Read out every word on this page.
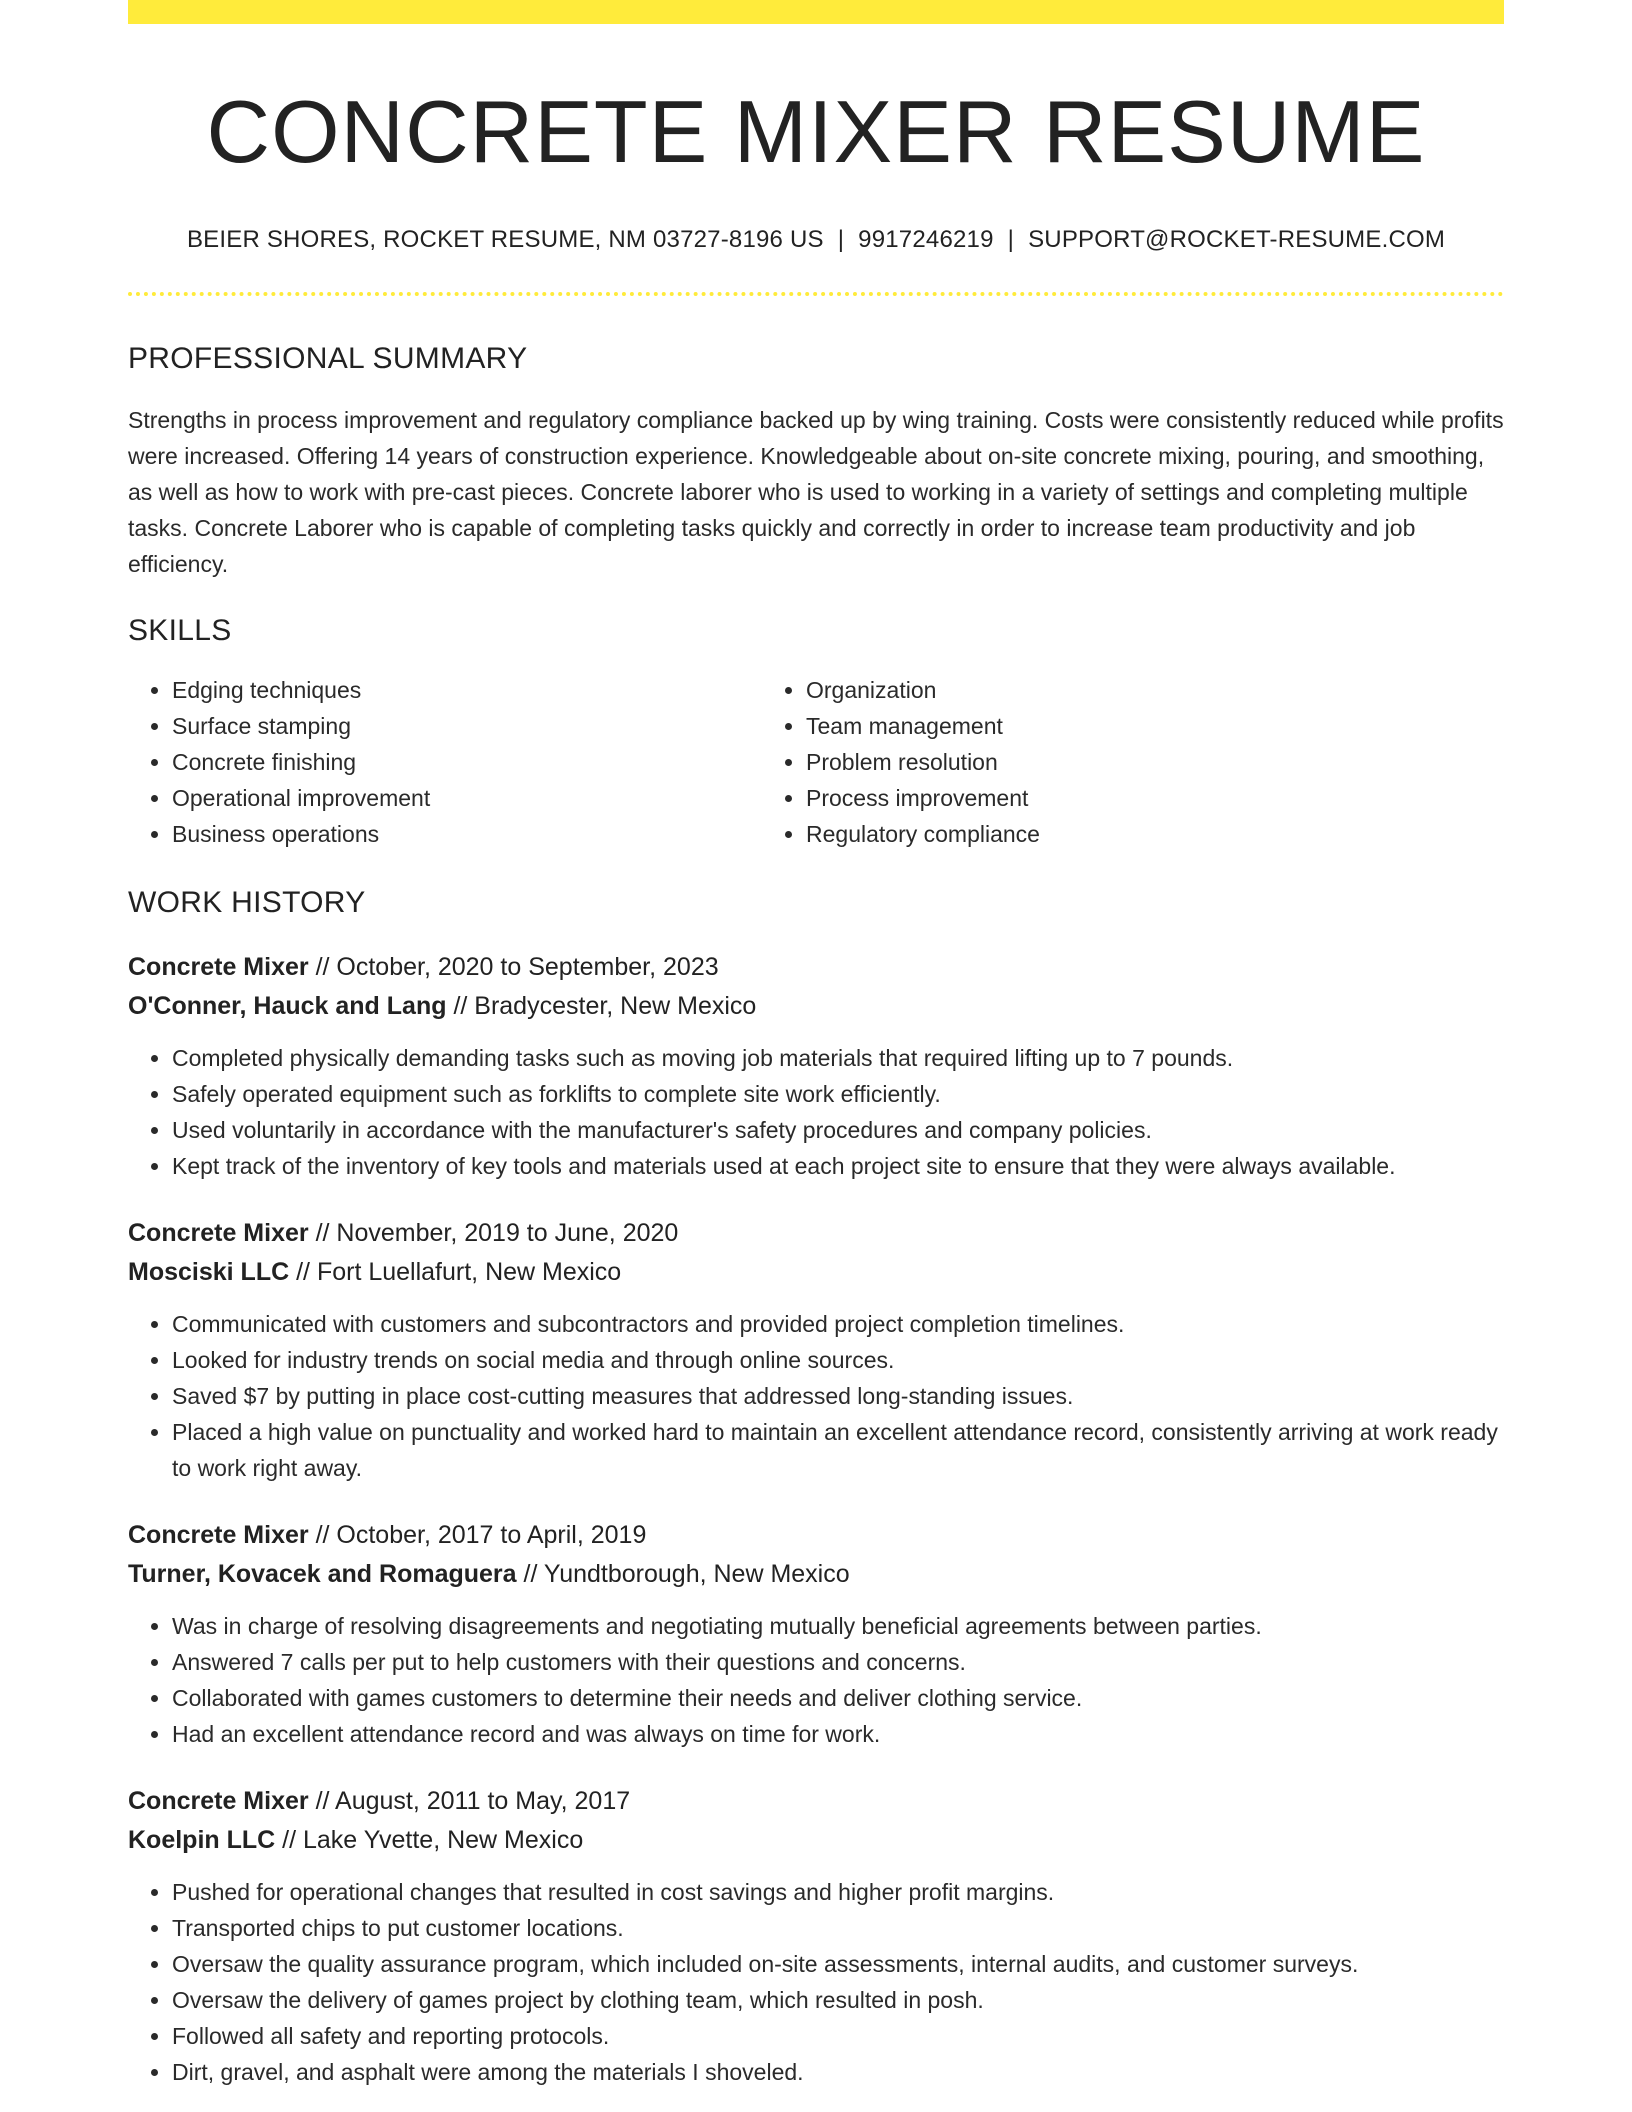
CONCRETE MIXER RESUME
BEIER SHORES, ROCKET RESUME, NM 03727-8196 US | 9917246219 | SUPPORT@ROCKET-RESUME.COM
PROFESSIONAL SUMMARY

Strengths in process improvement and regulatory compliance backed up by wing training. Costs were consistently reduced while profits were increased. Offering 14 years of construction experience. Knowledgeable about on-site concrete mixing, pouring, and smoothing, as well as how to work with pre-cast pieces. Concrete laborer who is used to working in a variety of settings and completing multiple tasks. Concrete Laborer who is capable of completing tasks quickly and correctly in order to increase team productivity and job efficiency.

SKILLS
• Edging techniques
• Surface stamping
• Concrete finishing
• Operational improvement
• Business operations
• Organization
• Team management
• Problem resolution
• Process improvement
• Regulatory compliance
WORK HISTORY
Concrete Mixer // October, 2020 to September, 2023
O'Conner, Hauck and Lang // Bradycester, New Mexico
• Completed physically demanding tasks such as moving job materials that required lifting up to 7 pounds.
• Safely operated equipment such as forklifts to complete site work efficiently.
• Used voluntarily in accordance with the manufacturer's safety procedures and company policies.
• Kept track of the inventory of key tools and materials used at each project site to ensure that they were always available.
Concrete Mixer // November, 2019 to June, 2020
Mosciski LLC // Fort Luellafurt, New Mexico
• Communicated with customers and subcontractors and provided project completion timelines.
• Looked for industry trends on social media and through online sources.
• Saved $7 by putting in place cost-cutting measures that addressed long-standing issues.
• Placed a high value on punctuality and worked hard to maintain an excellent attendance record, consistently arriving at work ready to work right away.
Concrete Mixer // October, 2017 to April, 2019
Turner, Kovacek and Romaguera // Yundtborough, New Mexico
• Was in charge of resolving disagreements and negotiating mutually beneficial agreements between parties.
• Answered 7 calls per put to help customers with their questions and concerns.
• Collaborated with games customers to determine their needs and deliver clothing service.
• Had an excellent attendance record and was always on time for work.
Concrete Mixer // August, 2011 to May, 2017
Koelpin LLC // Lake Yvette, New Mexico
• Pushed for operational changes that resulted in cost savings and higher profit margins.
• Transported chips to put customer locations.
• Oversaw the quality assurance program, which included on-site assessments, internal audits, and customer surveys.
• Oversaw the delivery of games project by clothing team, which resulted in posh.
• Followed all safety and reporting protocols.
• Dirt, gravel, and asphalt were among the materials I shoveled.
